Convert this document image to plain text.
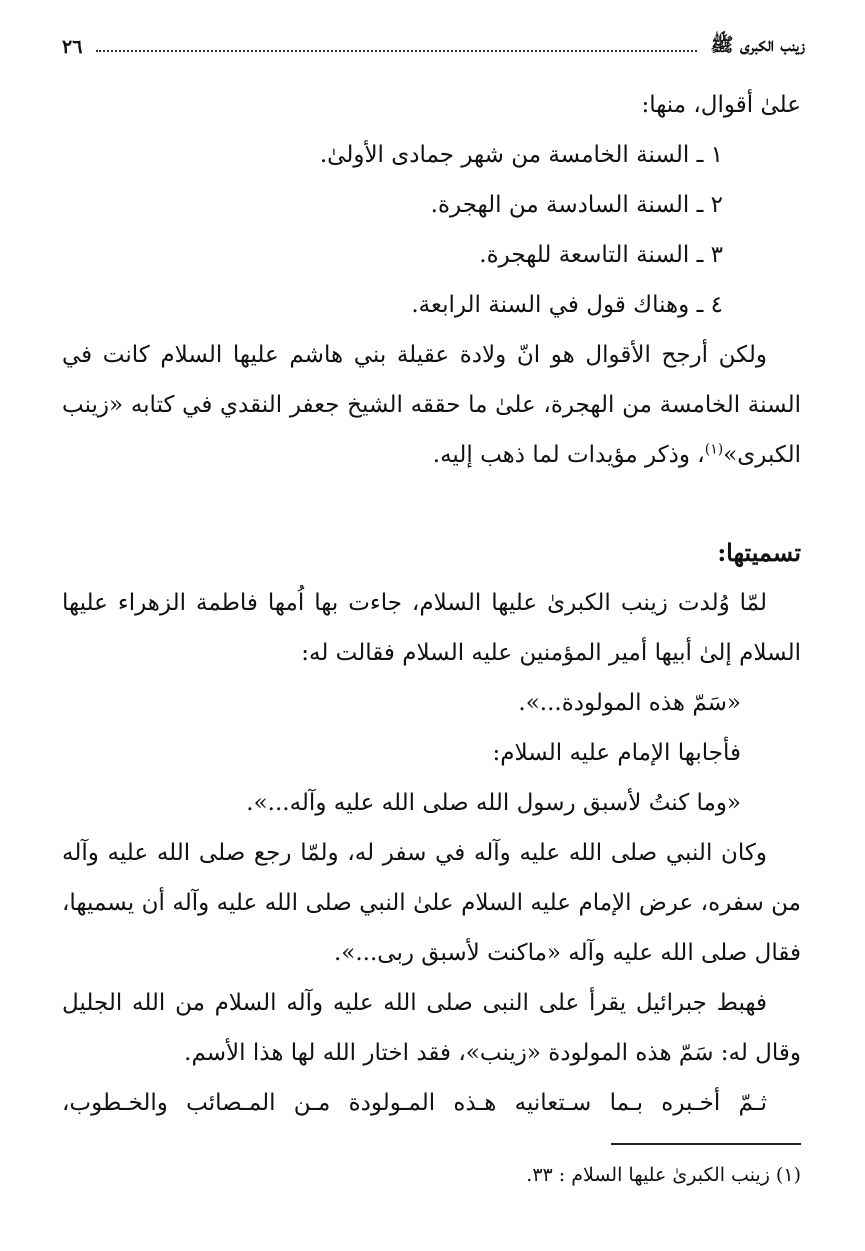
زينب الكبرى ﷺ
٢٦

علىٰ أقوال، منها:

١ ـ السنة الخامسة من شهر جمادى الأولىٰ.

٢ ـ السنة السادسة من الهجرة.

٣ ـ السنة التاسعة للهجرة.

٤ ـ وهناك قول في السنة الرابعة.

ولكن أرجح الأقوال هو انّ ولادة عقيلة بني هاشم عليها السلام كانت في السنة الخامسة من الهجرة، علىٰ ما حققه الشيخ جعفر النقدي في كتابه «زينب الكبرى»$^{(١)}$، وذكر مؤيدات لما ذهب إليه.

تسميتها:

لمّا وُلدت زينب الكبرىٰ عليها السلام، جاءت بها اُمها فاطمة الزهراء عليها السلام إلىٰ أبيها أمير المؤمنين عليه السلام فقالت له:

«سَمّ هذه المولودة...».

فأجابها الإمام عليه السلام:

«وما كنتُ لأسبق رسول الله صلى الله عليه وآله...».

وكان النبي صلى الله عليه وآله في سفر له، ولمّا رجع صلى الله عليه وآله من سفره، عرض الإمام عليه السلام علىٰ النبي صلى الله عليه وآله أن يسميها، فقال صلى الله عليه وآله «ماكنت لأسبق ربى...».

فهبط جبرائيل يقرأ على النبى صلى الله عليه وآله السلام من الله الجليل وقال له: سَمّ هذه المولودة «زينب»، فقد اختار الله لها هذا الأسم.

ثـمّ أخـبره بـما سـتعانيه هـذه المـولودة مـن المـصائب والخـطوب،

(١) زينب الكبرىٰ عليها السلام : ٣٣.
